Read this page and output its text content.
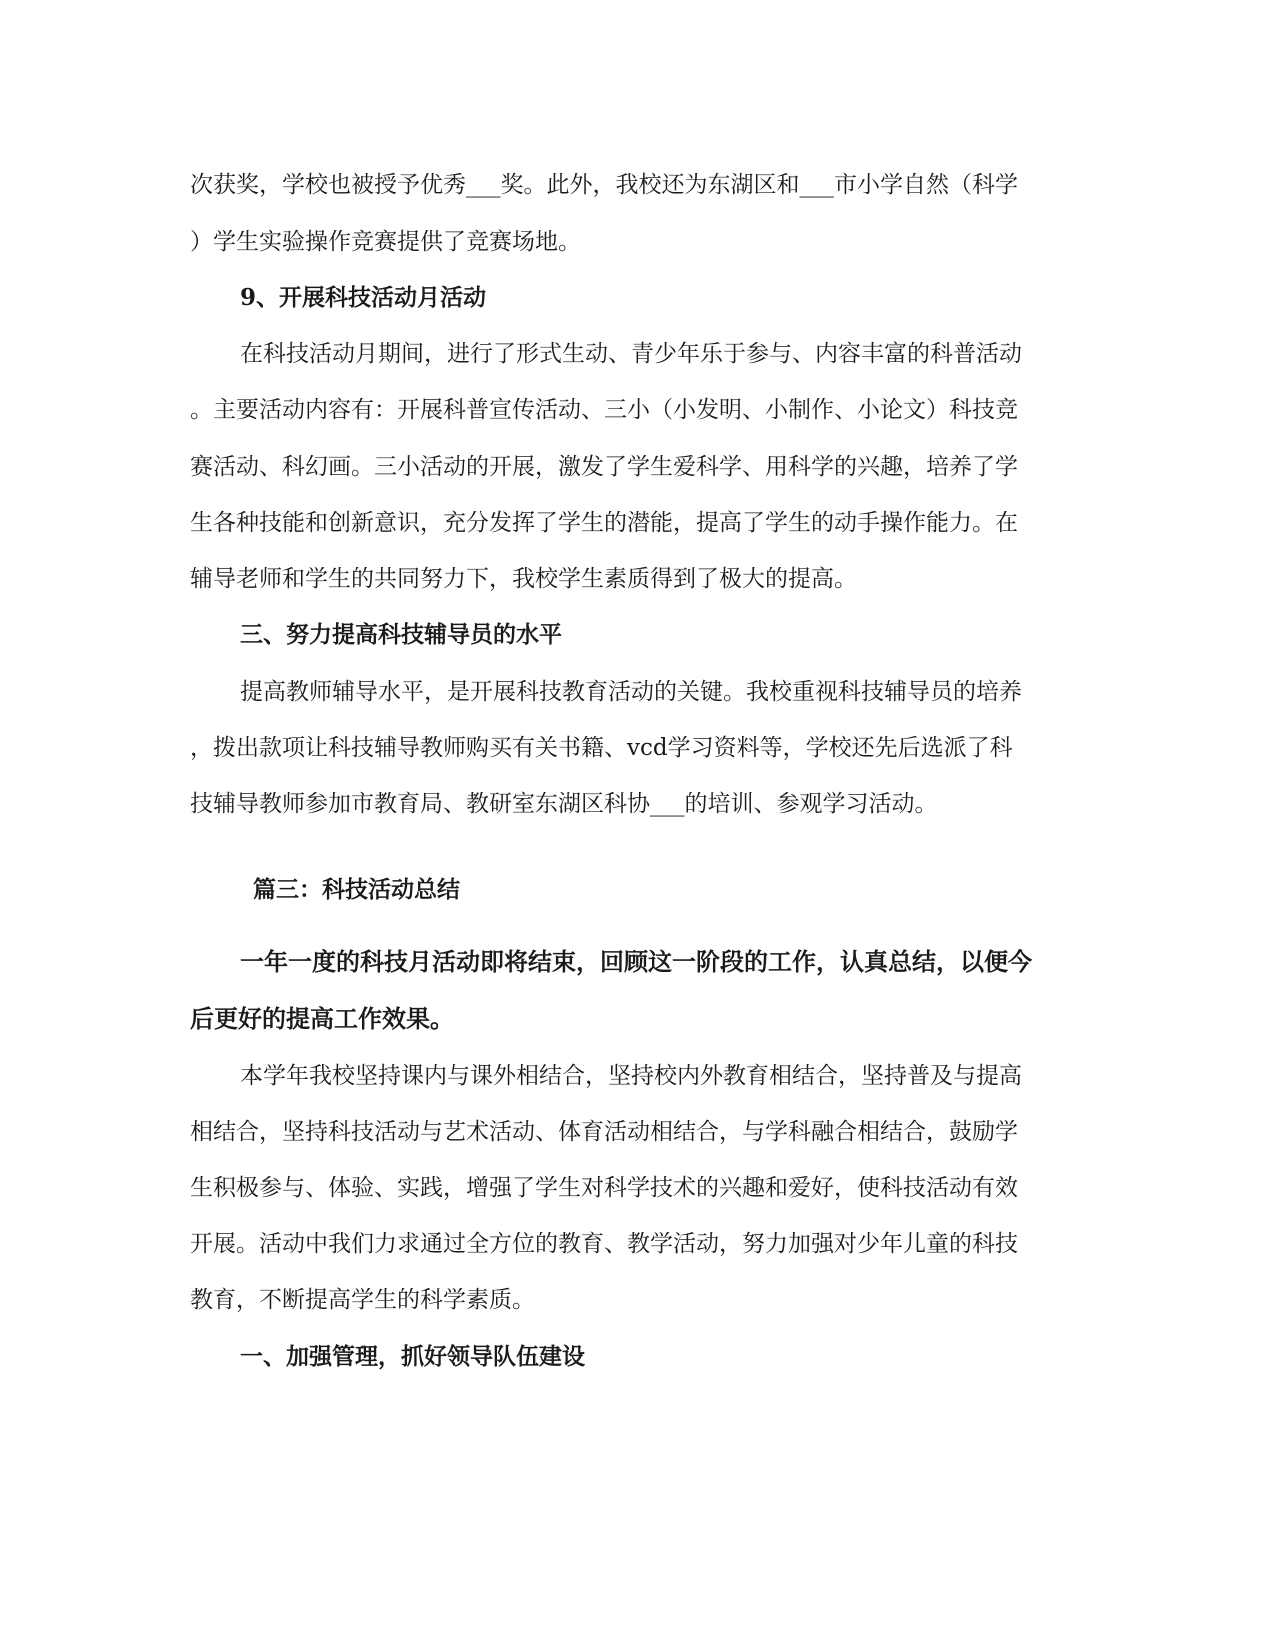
次获奖，学校也被授予优秀___奖。此外，我校还为东湖区和___市小学自然（科学
）学生实验操作竞赛提供了竞赛场地。
9、开展科技活动月活动
在科技活动月期间，进行了形式生动、青少年乐于参与、内容丰富的科普活动
。主要活动内容有：开展科普宣传活动、三小（小发明、小制作、小论文）科技竞
赛活动、科幻画。三小活动的开展，激发了学生爱科学、用科学的兴趣，培养了学
生各种技能和创新意识，充分发挥了学生的潜能，提高了学生的动手操作能力。在
辅导老师和学生的共同努力下，我校学生素质得到了极大的提高。
三、努力提高科技辅导员的水平
提高教师辅导水平，是开展科技教育活动的关键。我校重视科技辅导员的培养
，拨出款项让科技辅导教师购买有关书籍、vcd学习资料等，学校还先后选派了科
技辅导教师参加市教育局、教研室东湖区科协___的培训、参观学习活动。
篇三：科技活动总结
一年一度的科技月活动即将结束，回顾这一阶段的工作，认真总结，以便今
后更好的提高工作效果。
本学年我校坚持课内与课外相结合，坚持校内外教育相结合，坚持普及与提高
相结合，坚持科技活动与艺术活动、体育活动相结合，与学科融合相结合，鼓励学
生积极参与、体验、实践，增强了学生对科学技术的兴趣和爱好，使科技活动有效
开展。活动中我们力求通过全方位的教育、教学活动，努力加强对少年儿童的科技
教育，不断提高学生的科学素质。
一、加强管理，抓好领导队伍建设
